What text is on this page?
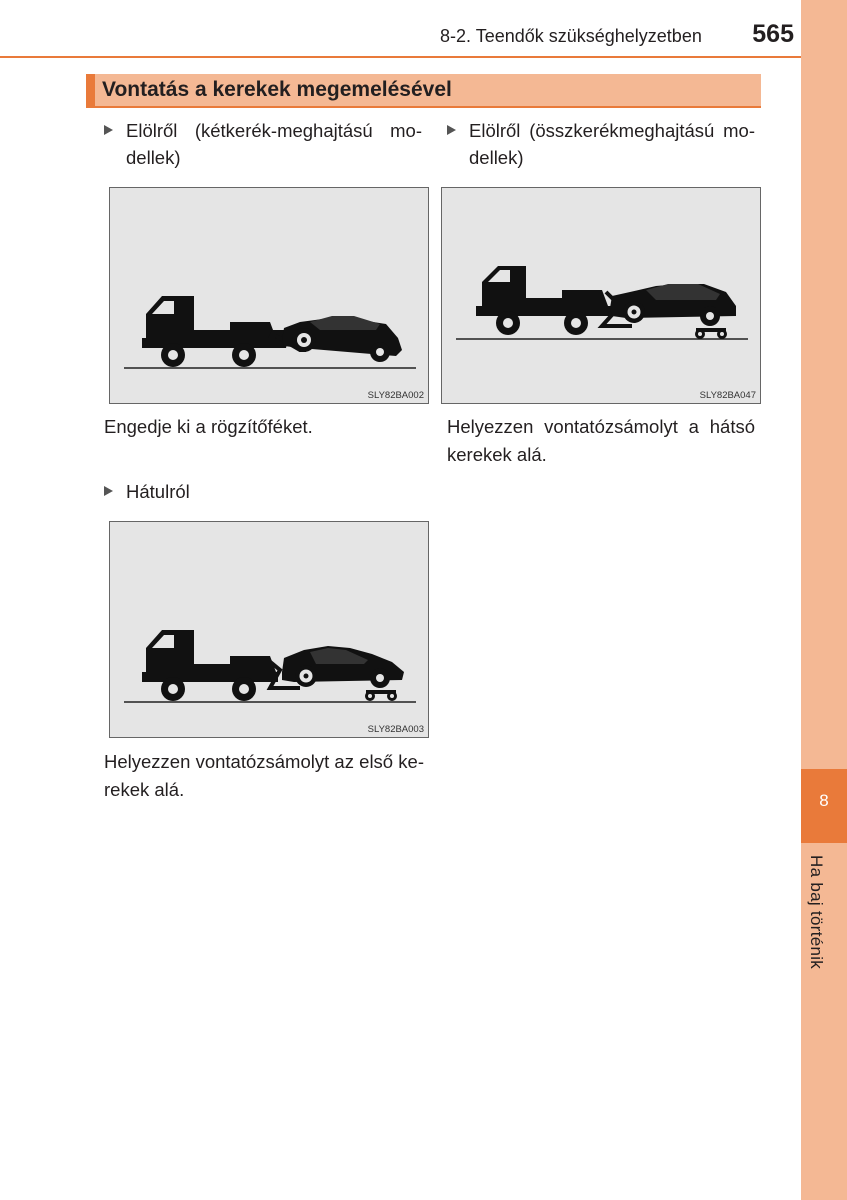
8
Ha baj történik
8-2. Teendők szükséghelyzetben	565
Vontatás a kerekek megemelésével
Elölről (kétkerék-meghajtású mo-
dellek)
SLY82BA002
Engedje ki a rögzítőféket.
Elölről (összkerékmeghajtású mo-
dellek)
SLY82BA047
Helyezzen vontatózsámolyt a hátsó
kerekek alá.
Hátulról
SLY82BA003
Helyezzen vontatózsámolyt az első ke-
rekek alá.
